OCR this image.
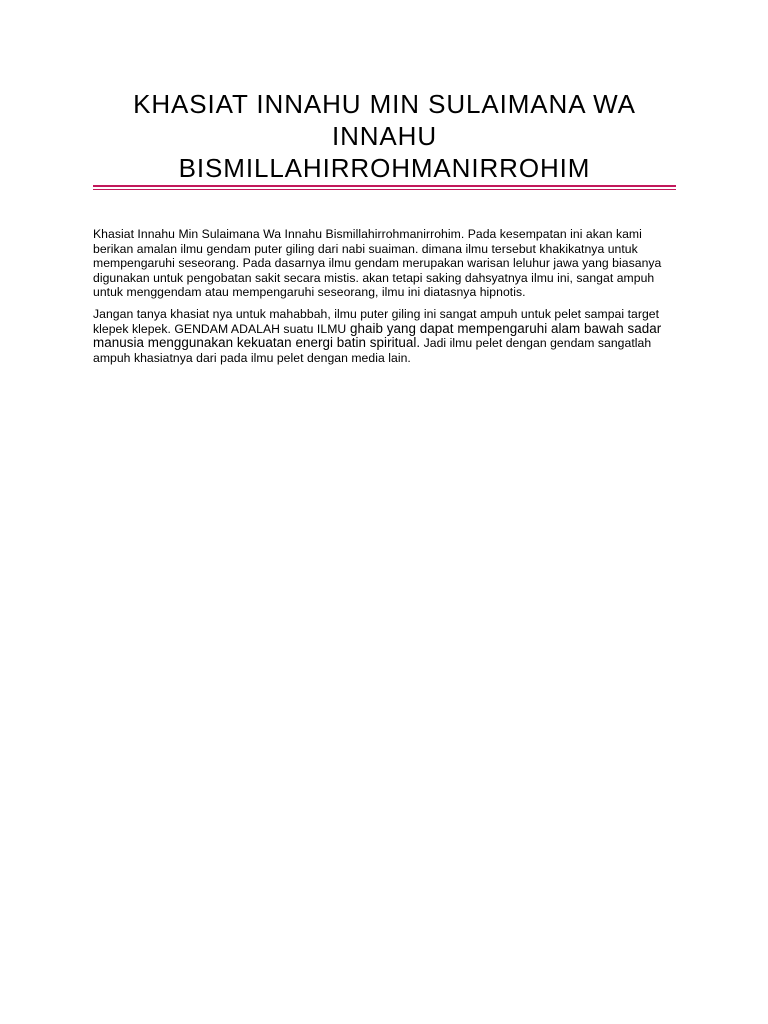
KHASIAT INNAHU MIN SULAIMANA WA
INNAHU
BISMILLAHIRROHMANIRROHIM

Khasiat Innahu Min Sulaimana Wa Innahu Bismillahirrohmanirrohim. Pada kesempatan ini akan kami berikan amalan ilmu gendam puter giling dari nabi suaiman. dimana ilmu tersebut khakikatnya untuk mempengaruhi seseorang. Pada dasarnya ilmu gendam merupakan warisan leluhur jawa yang biasanya digunakan untuk pengobatan sakit secara mistis. akan tetapi saking dahsyatnya ilmu ini, sangat ampuh untuk menggendam atau mempengaruhi seseorang, ilmu ini diatasnya hipnotis.

Jangan tanya khasiat nya untuk mahabbah, ilmu puter giling ini sangat ampuh untuk pelet sampai target klepek klepek. GENDAM ADALAH suatu ILMU ghaib yang dapat mempengaruhi alam bawah sadar manusia menggunakan kekuatan energi batin spiritual. Jadi ilmu pelet dengan gendam sangatlah ampuh khasiatnya dari pada ilmu pelet dengan media lain.
